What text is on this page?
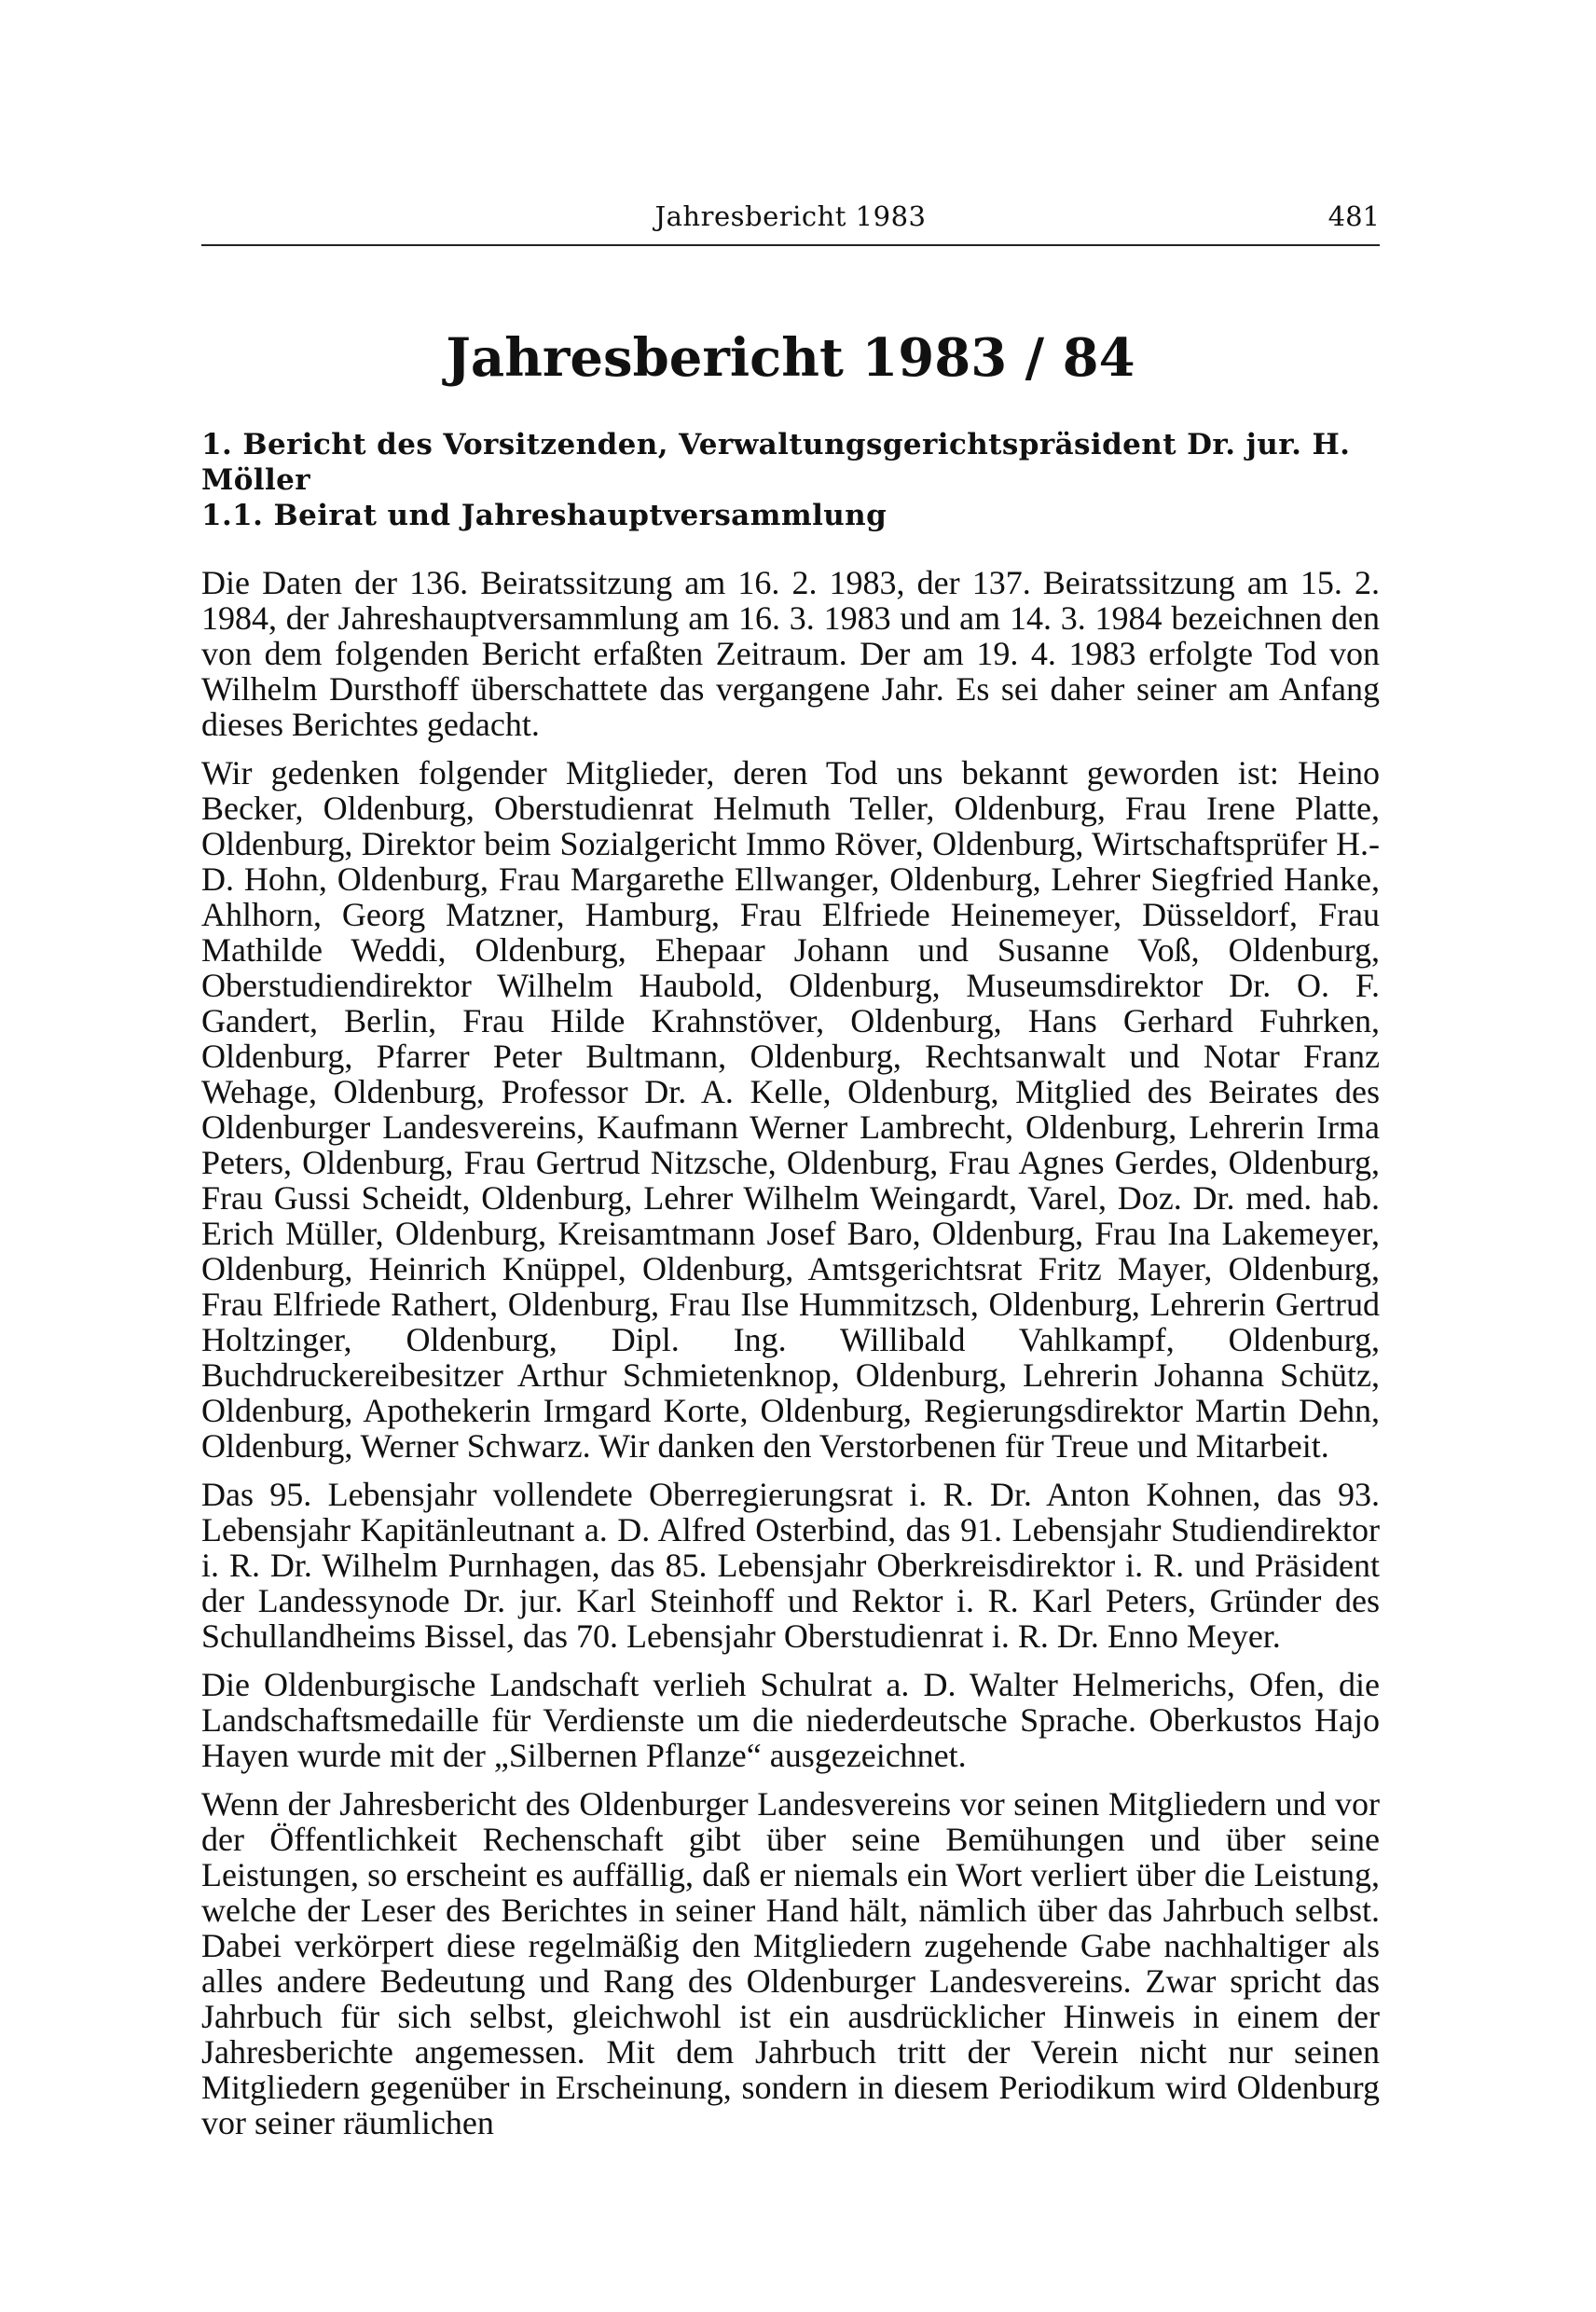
Jahresbericht 1983	481
Jahresbericht 1983 / 84
1. Bericht des Vorsitzenden, Verwaltungsgerichtspräsident Dr. jur. H. Möller
1.1. Beirat und Jahreshauptversammlung

Die Daten der 136. Beiratssitzung am 16. 2. 1983, der 137. Beiratssitzung am 15. 2. 1984, der Jahreshauptversammlung am 16. 3. 1983 und am 14. 3. 1984 bezeichnen den von dem folgenden Bericht erfaßten Zeitraum. Der am 19. 4. 1983 erfolgte Tod von Wilhelm Dursthoff überschattete das vergangene Jahr. Es sei daher seiner am Anfang dieses Berichtes gedacht.

Wir gedenken folgender Mitglieder, deren Tod uns bekannt geworden ist: Heino Becker, Oldenburg, Oberstudienrat Helmuth Teller, Oldenburg, Frau Irene Platte, Oldenburg, Direktor beim Sozialgericht Immo Röver, Oldenburg, Wirtschaftsprüfer H.-D. Hohn, Oldenburg, Frau Margarethe Ellwanger, Oldenburg, Lehrer Siegfried Hanke, Ahlhorn, Georg Matzner, Hamburg, Frau Elfriede Heinemeyer, Düsseldorf, Frau Mathilde Weddi, Oldenburg, Ehepaar Johann und Susanne Voß, Oldenburg, Oberstudiendirektor Wilhelm Haubold, Oldenburg, Museumsdirektor Dr. O. F. Gandert, Berlin, Frau Hilde Krahnstöver, Oldenburg, Hans Gerhard Fuhrken, Oldenburg, Pfarrer Peter Bultmann, Oldenburg, Rechtsanwalt und Notar Franz Wehage, Oldenburg, Professor Dr. A. Kelle, Oldenburg, Mitglied des Beirates des Oldenburger Landesvereins, Kaufmann Werner Lambrecht, Oldenburg, Lehrerin Irma Peters, Oldenburg, Frau Gertrud Nitzsche, Oldenburg, Frau Agnes Gerdes, Oldenburg, Frau Gussi Scheidt, Oldenburg, Lehrer Wilhelm Weingardt, Varel, Doz. Dr. med. hab. Erich Müller, Oldenburg, Kreisamtmann Josef Baro, Oldenburg, Frau Ina Lakemeyer, Oldenburg, Heinrich Knüppel, Oldenburg, Amtsgerichtsrat Fritz Mayer, Oldenburg, Frau Elfriede Rathert, Oldenburg, Frau Ilse Hummitzsch, Oldenburg, Lehrerin Gertrud Holtzinger, Oldenburg, Dipl. Ing. Willibald Vahlkampf, Oldenburg, Buchdruckereibesitzer Arthur Schmietenknop, Oldenburg, Lehrerin Johanna Schütz, Oldenburg, Apothekerin Irmgard Korte, Oldenburg, Regierungsdirektor Martin Dehn, Oldenburg, Werner Schwarz. Wir danken den Verstorbenen für Treue und Mitarbeit.

Das 95. Lebensjahr vollendete Oberregierungsrat i. R. Dr. Anton Kohnen, das 93. Lebensjahr Kapitänleutnant a. D. Alfred Osterbind, das 91. Lebensjahr Studiendirektor i. R. Dr. Wilhelm Purnhagen, das 85. Lebensjahr Oberkreisdirektor i. R. und Präsident der Landessynode Dr. jur. Karl Steinhoff und Rektor i. R. Karl Peters, Gründer des Schullandheims Bissel, das 70. Lebensjahr Oberstudienrat i. R. Dr. Enno Meyer.

Die Oldenburgische Landschaft verlieh Schulrat a. D. Walter Helmerichs, Ofen, die Landschaftsmedaille für Verdienste um die niederdeutsche Sprache. Oberkustos Hajo Hayen wurde mit der „Silbernen Pflanze“ ausgezeichnet.

Wenn der Jahresbericht des Oldenburger Landesvereins vor seinen Mitgliedern und vor der Öffentlichkeit Rechenschaft gibt über seine Bemühungen und über seine Leistungen, so erscheint es auffällig, daß er niemals ein Wort verliert über die Leistung, welche der Leser des Berichtes in seiner Hand hält, nämlich über das Jahrbuch selbst. Dabei verkörpert diese regelmäßig den Mitgliedern zugehende Gabe nachhaltiger als alles andere Bedeutung und Rang des Oldenburger Landesvereins. Zwar spricht das Jahrbuch für sich selbst, gleichwohl ist ein ausdrücklicher Hinweis in einem der Jahresberichte angemessen. Mit dem Jahrbuch tritt der Verein nicht nur seinen Mitgliedern gegenüber in Erscheinung, sondern in diesem Periodikum wird Oldenburg vor seiner räumlichen
